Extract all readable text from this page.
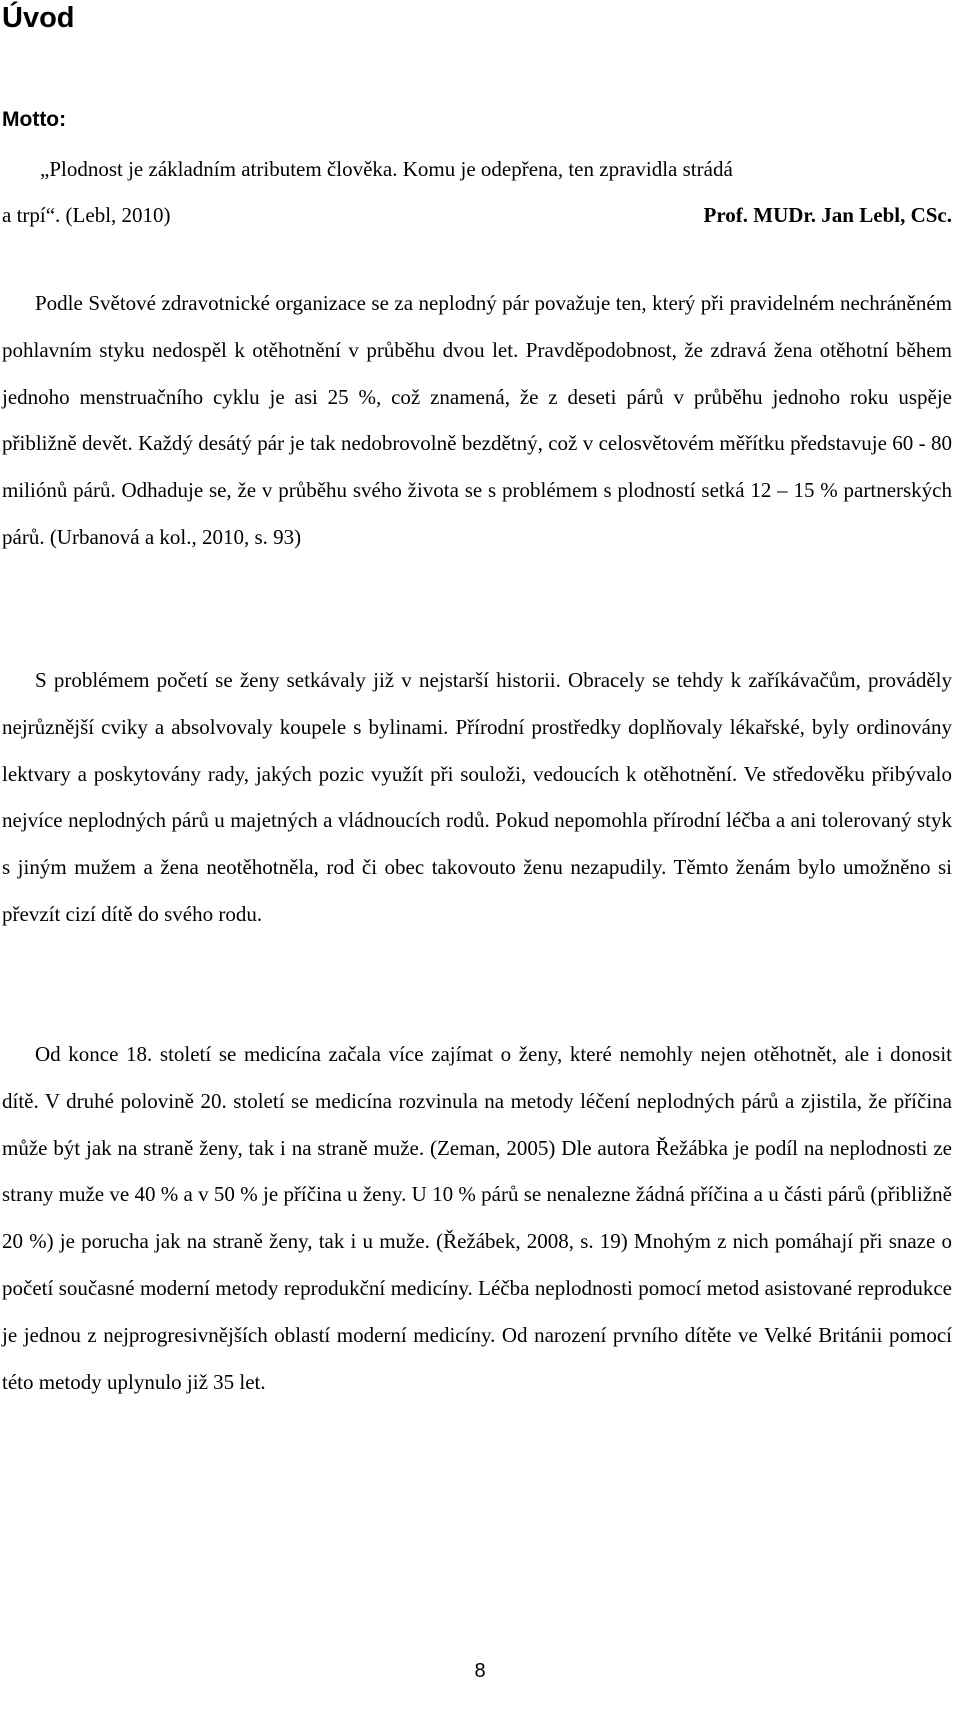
Úvod
Motto:
„Plodnost je základním atributem člověka. Komu je odepřena, ten zpravidla strádá
a trpí“. (Lebl, 2010)	Prof. MUDr. Jan Lebl, CSc.

Podle Světové zdravotnické organizace se za neplodný pár považuje ten, který při pravidelném nechráněném pohlavním styku nedospěl k otěhotnění v průběhu dvou let. Pravděpodobnost, že zdravá žena otěhotní během jednoho menstruačního cyklu je asi 25 %, což znamená, že z deseti párů v průběhu jednoho roku uspěje přibližně devět. Každý desátý pár je tak nedobrovolně bezdětný, což v celosvětovém měřítku představuje 60 - 80 miliónů párů. Odhaduje se, že v průběhu svého života se s problémem s plodností setká 12 – 15 % partnerských párů. (Urbanová a kol., 2010, s. 93)

S problémem početí se ženy setkávaly již v nejstarší historii. Obracely se tehdy k zaříkávačům, prováděly nejrůznější cviky a absolvovaly koupele s bylinami. Přírodní prostředky doplňovaly lékařské, byly ordinovány lektvary a poskytovány rady, jakých pozic využít při souloži, vedoucích k otěhotnění. Ve středověku přibývalo nejvíce neplodných párů u majetných a vládnoucích rodů. Pokud nepomohla přírodní léčba a ani tolerovaný styk s jiným mužem a žena neotěhotněla, rod či obec takovouto ženu nezapudily. Těmto ženám bylo umožněno si převzít cizí dítě do svého rodu.

Od konce 18. století se medicína začala více zajímat o ženy, které nemohly nejen otěhotnět, ale i donosit dítě. V druhé polovině 20. století se medicína rozvinula na metody léčení neplodných párů a zjistila, že příčina může být jak na straně ženy, tak i na straně muže. (Zeman, 2005) Dle autora Řežábka je podíl na neplodnosti ze strany muže ve 40 % a v 50 % je příčina u ženy. U 10 % párů se nenalezne žádná příčina a u části párů (přibližně 20 %) je porucha jak na straně ženy, tak i u muže. (Řežábek, 2008, s. 19) Mnohým z nich pomáhají při snaze o početí současné moderní metody reprodukční medicíny. Léčba neplodnosti pomocí metod asistované reprodukce je jednou z nejprogresivnějších oblastí moderní medicíny. Od narození prvního dítěte ve Velké Británii pomocí této metody uplynulo již 35 let.

8
